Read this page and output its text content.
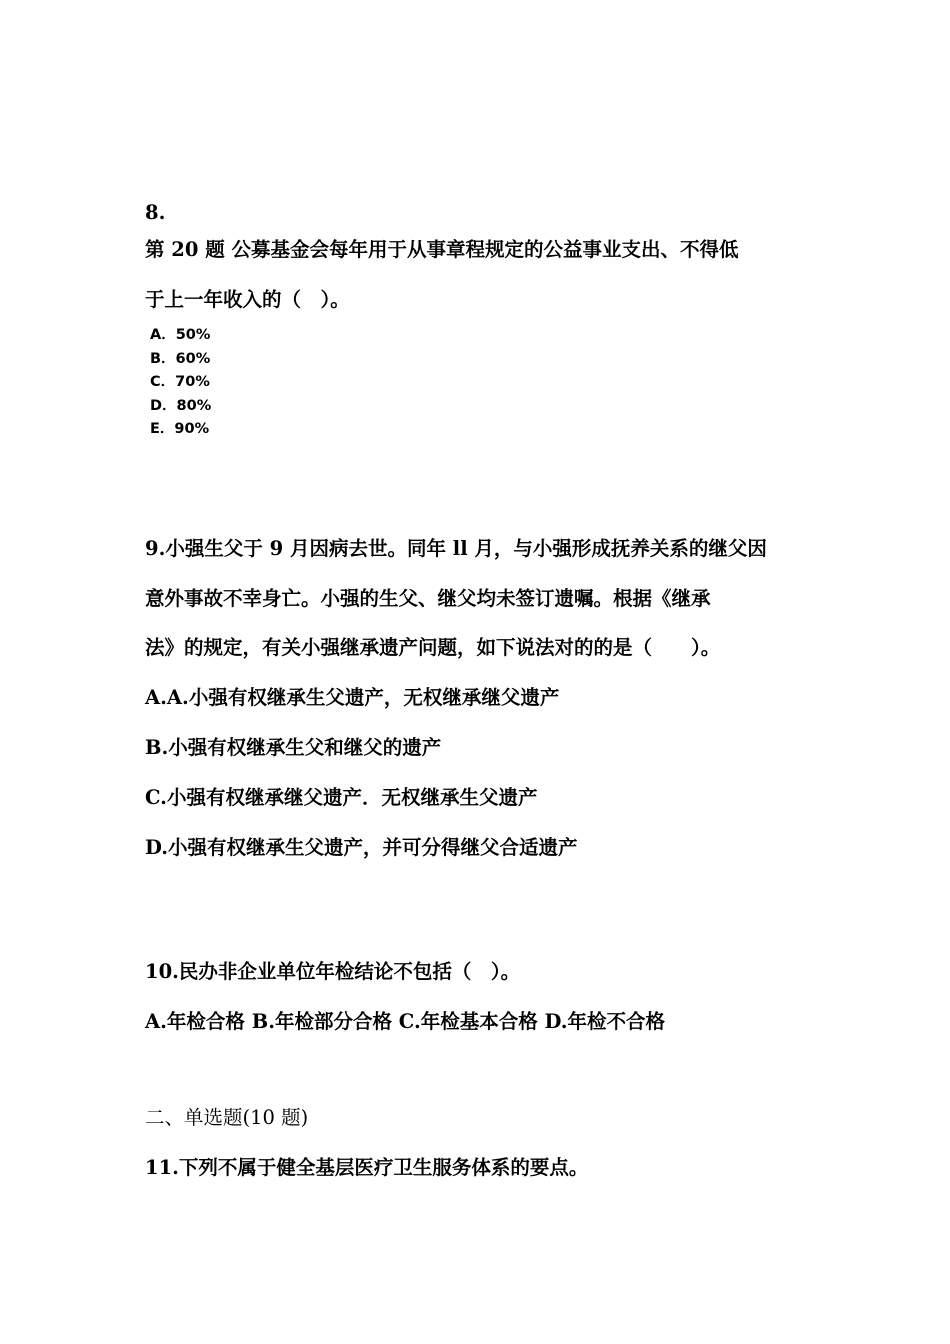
8.
第 20 题 公募基金会每年用于从事章程规定的公益事业支出、不得低
于上一年收入的（　）。
A．50%
B．60%
C．70%
D．80%
E．90%
9.小强生父于 9 月因病去世。同年 ll 月，与小强形成抚养关系的继父因
意外事故不幸身亡。小强的生父、继父均未签订遗嘱。根据《继承
法》的规定，有关小强继承遗产问题，如下说法对的的是（　　）。
A.A.小强有权继承生父遗产，无权继承继父遗产
B.小强有权继承生父和继父的遗产
C.小强有权继承继父遗产．无权继承生父遗产
D.小强有权继承生父遗产，并可分得继父合适遗产
10.民办非企业单位年检结论不包括（　）。
A.年检合格 B.年检部分合格 C.年检基本合格 D.年检不合格
二、单选题(10 题)
11.下列不属于健全基层医疗卫生服务体系的要点。
